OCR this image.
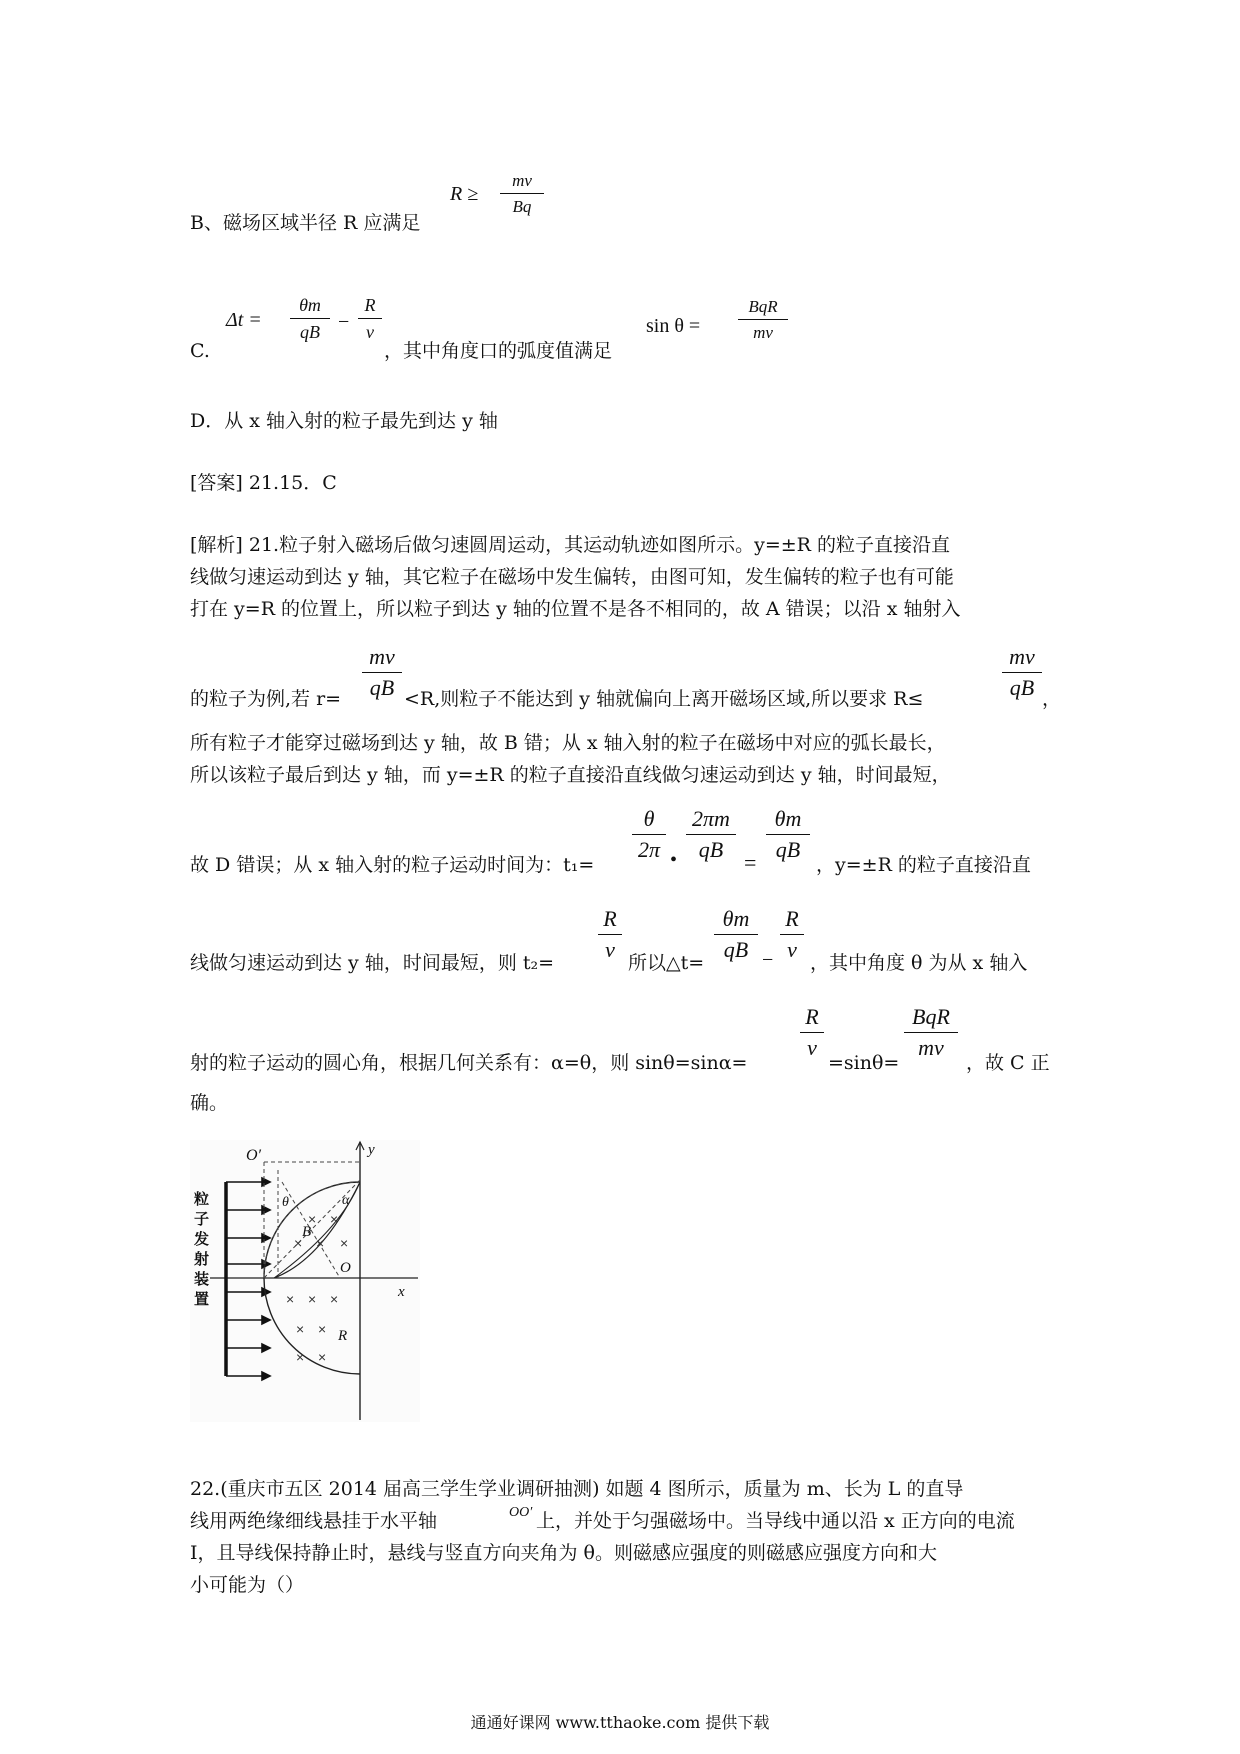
B、磁场区域半径 R 应满足
R ≥
mv
Bq
C.
Δt =
θm
qB −
R
v
，其中角度口的弧度值满足
sin θ =
BqR
mv
D．从 x 轴入射的粒子最先到达 y 轴
[答案] 21.15．C
[解析] 21.粒子射入磁场后做匀速圆周运动，其运动轨迹如图所示。y=±R 的粒子直接沿直
线做匀速运动到达 y 轴，其它粒子在磁场中发生偏转，由图可知，发生偏转的粒子也有可能
打在 y=R 的位置上，所以粒子到达 y 轴的位置不是各不相同的，故 A 错误；以沿 x 轴射入
的粒子为例,若 r=
mv
qB <R,则粒子不能达到 y 轴就偏向上离开磁场区域,所以要求 R≤
mv
qB ，
所有粒子才能穿过磁场到达 y 轴，故 B 错；从 x 轴入射的粒子在磁场中对应的弧长最长，
所以该粒子最后到达 y 轴，而 y=±R 的粒子直接沿直线做匀速运动到达 y 轴，时间最短，
故 D 错误；从 x 轴入射的粒子运动时间为：t₁=
θ
2π •
2πm
qB
=
θm
qB
，y=±R 的粒子直接沿直
线做匀速运动到达 y 轴，时间最短，则 t₂=
R
v
所以△t=
θm
qB −
R
v
，其中角度 θ 为从 x 轴入
射的粒子运动的圆心角，根据几何关系有：α=θ，则 sinθ=sinα=
R
v
=sinθ=
BqR
mv
，故 C 正
确。
× ×
× × ×
× × ×
× ×
× ×
O′	y
θ	α
B
O
x
R
粒
子
发
射
装
置
22.(重庆市五区 2014 届高三学生学业调研抽测) 如题 4 图所示，质量为 m、长为 L 的直导
线用两绝缘细线悬挂于水平轴	OO′ 上，并处于匀强磁场中。当导线中通以沿 x 正方向的电流
I，且导线保持静止时，悬线与竖直方向夹角为 θ。则磁感应强度的则磁感应强度方向和大
小可能为（）
通通好课网 www.tthaoke.com 提供下载
